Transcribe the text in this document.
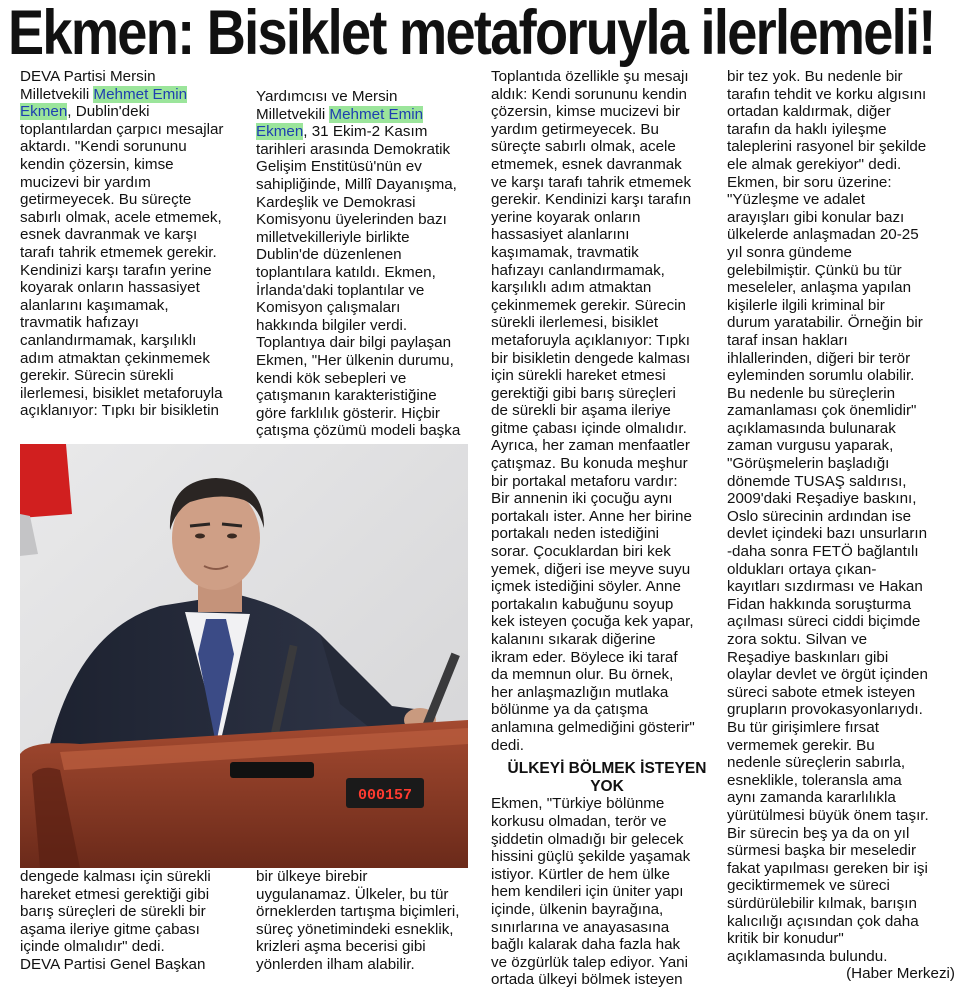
Ekmen: Bisiklet metaforuyla ilerlemeli!

DEVA Partisi Mersin

Milletvekili Mehmet Emin

Ekmen, Dublin'deki

toplantılardan çarpıcı mesajlar

aktardı. "Kendi sorununu

kendin çözersin, kimse

mucizevi bir yardım

getirmeyecek. Bu süreçte

sabırlı olmak, acele etmemek,

esnek davranmak ve karşı

tarafı tahrik etmemek gerekir.

Kendinizi karşı tarafın yerine

koyarak onların hassasiyet

alanlarını kaşımamak,

travmatik hafızayı

canlandırmamak, karşılıklı

adım atmaktan çekinmemek

gerekir. Sürecin sürekli

ilerlemesi, bisiklet metaforuyla

açıklanıyor: Tıpkı bir bisikletin

Yardımcısı ve Mersin

Milletvekili Mehmet Emin

Ekmen, 31 Ekim-2 Kasım

tarihleri arasında Demokratik

Gelişim Enstitüsü'nün ev

sahipliğinde, Millî Dayanışma,

Kardeşlik ve Demokrasi

Komisyonu üyelerinden bazı

milletvekilleriyle birlikte

Dublin'de düzenlenen

toplantılara katıldı. Ekmen,

İrlanda'daki toplantılar ve

Komisyon çalışmaları

hakkında bilgiler verdi.

Toplantıya dair bilgi paylaşan

Ekmen, "Her ülkenin durumu,

kendi kök sebepleri ve

çatışmanın karakteristiğine

göre farklılık gösterir. Hiçbir

çatışma çözümü modeli başka

000157

dengede kalması için sürekli

hareket etmesi gerektiği gibi

barış süreçleri de sürekli bir

aşama ileriye gitme çabası

içinde olmalıdır" dedi.

DEVA Partisi Genel Başkan

bir ülkeye birebir

uygulanamaz. Ülkeler, bu tür

örneklerden tartışma biçimleri,

süreç yönetimindeki esneklik,

krizleri aşma becerisi gibi

yönlerden ilham alabilir.

Toplantıda özellikle şu mesajı

aldık: Kendi sorununu kendin

çözersin, kimse mucizevi bir

yardım getirmeyecek. Bu

süreçte sabırlı olmak, acele

etmemek, esnek davranmak

ve karşı tarafı tahrik etmemek

gerekir. Kendinizi karşı tarafın

yerine koyarak onların

hassasiyet alanlarını

kaşımamak, travmatik

hafızayı canlandırmamak,

karşılıklı adım atmaktan

çekinmemek gerekir. Sürecin

sürekli ilerlemesi, bisiklet

metaforuyla açıklanıyor: Tıpkı

bir bisikletin dengede kalması

için sürekli hareket etmesi

gerektiği gibi barış süreçleri

de sürekli bir aşama ileriye

gitme çabası içinde olmalıdır.

Ayrıca, her zaman menfaatler

çatışmaz. Bu konuda meşhur

bir portakal metaforu vardır:

Bir annenin iki çocuğu aynı

portakalı ister. Anne her birine

portakalı neden istediğini

sorar. Çocuklardan biri kek

yemek, diğeri ise meyve suyu

içmek istediğini söyler. Anne

portakalın kabuğunu soyup

kek isteyen çocuğa kek yapar,

kalanını sıkarak diğerine

ikram eder. Böylece iki taraf

da memnun olur. Bu örnek,

her anlaşmazlığın mutlaka

bölünme ya da çatışma

anlamına gelmediğini gösterir"

dedi.

ÜLKEYİ BÖLMEK İSTEYEN

YOK

Ekmen, "Türkiye bölünme

korkusu olmadan, terör ve

şiddetin olmadığı bir gelecek

hissini güçlü şekilde yaşamak

istiyor. Kürtler de hem ülke

hem kendileri için üniter yapı

içinde, ülkenin bayrağına,

sınırlarına ve anayasasına

bağlı kalarak daha fazla hak

ve özgürlük talep ediyor. Yani

ortada ülkeyi bölmek isteyen

bir tez yok. Bu nedenle bir

tarafın tehdit ve korku algısını

ortadan kaldırmak, diğer

tarafın da haklı iyileşme

taleplerini rasyonel bir şekilde

ele almak gerekiyor" dedi.

Ekmen, bir soru üzerine:

"Yüzleşme ve adalet

arayışları gibi konular bazı

ülkelerde anlaşmadan 20-25

yıl sonra gündeme

gelebilmiştir. Çünkü bu tür

meseleler, anlaşma yapılan

kişilerle ilgili kriminal bir

durum yaratabilir. Örneğin bir

taraf insan hakları

ihlallerinden, diğeri bir terör

eyleminden sorumlu olabilir.

Bu nedenle bu süreçlerin

zamanlaması çok önemlidir"

açıklamasında bulunarak

zaman vurgusu yaparak,

"Görüşmelerin başladığı

dönemde TUSAŞ saldırısı,

2009'daki Reşadiye baskını,

Oslo sürecinin ardından ise

devlet içindeki bazı unsurların

-daha sonra FETÖ bağlantılı

oldukları ortaya çıkan-

kayıtları sızdırması ve Hakan

Fidan hakkında soruşturma

açılması süreci ciddi biçimde

zora soktu. Silvan ve

Reşadiye baskınları gibi

olaylar devlet ve örgüt içinden

süreci sabote etmek isteyen

grupların provokasyonlarıydı.

Bu tür girişimlere fırsat

vermemek gerekir. Bu

nedenle süreçlerin sabırla,

esneklikle, toleransla ama

aynı zamanda kararlılıkla

yürütülmesi büyük önem taşır.

Bir sürecin beş ya da on yıl

sürmesi başka bir meseledir

fakat yapılması gereken bir işi

geciktirmemek ve süreci

sürdürülebilir kılmak, barışın

kalıcılığı açısından çok daha

kritik bir konudur"

açıklamasında bulundu.

(Haber Merkezi)
